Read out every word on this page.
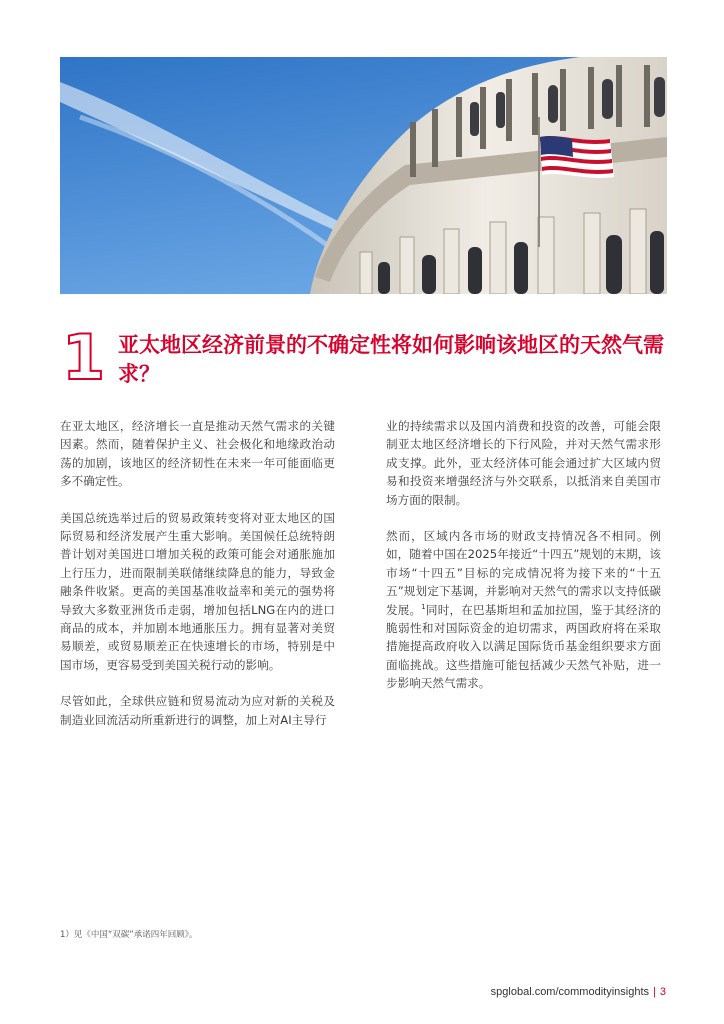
1 亚太地区经济前景的不确定性将如何影响该地区的天然气需求？

在亚太地区，经济增长一直是推动天然气需求的关键因素。然而，随着保护主义、社会极化和地缘政治动荡的加剧，该地区的经济韧性在未来一年可能面临更多不确定性。

美国总统选举过后的贸易政策转变将对亚太地区的国际贸易和经济发展产生重大影响。美国候任总统特朗普计划对美国进口增加关税的政策可能会对通胀施加上行压力，进而限制美联储继续降息的能力，导致金融条件收紧。更高的美国基准收益率和美元的强势将导致大多数亚洲货币走弱，增加包括LNG在内的进口商品的成本，并加剧本地通胀压力。拥有显著对美贸易顺差，或贸易顺差正在快速增长的市场，特别是中国市场，更容易受到美国关税行动的影响。

尽管如此，全球供应链和贸易流动为应对新的关税及制造业回流活动所重新进行的调整，加上对AI主导行

业的持续需求以及国内消费和投资的改善，可能会限制亚太地区经济增长的下行风险，并对天然气需求形成支撑。此外，亚太经济体可能会通过扩大区域内贸易和投资来增强经济与外交联系，以抵消来自美国市场方面的限制。

然而，区域内各市场的财政支持情况各不相同。例如，随着中国在2025年接近“十四五”规划的末期，该市场“十四五”目标的完成情况将为接下来的“十五五”规划定下基调，并影响对天然气的需求以支持低碳发展。$^1$同时，在巴基斯坦和孟加拉国，鉴于其经济的脆弱性和对国际资金的迫切需求，两国政府将在采取措施提高政府收入以满足国际货币基金组织要求方面面临挑战。这些措施可能包括减少天然气补贴，进一步影响天然气需求。

1）见《中国“双碳”承诺四年回顾》。
spglobal.com/commodityinsights | 3
